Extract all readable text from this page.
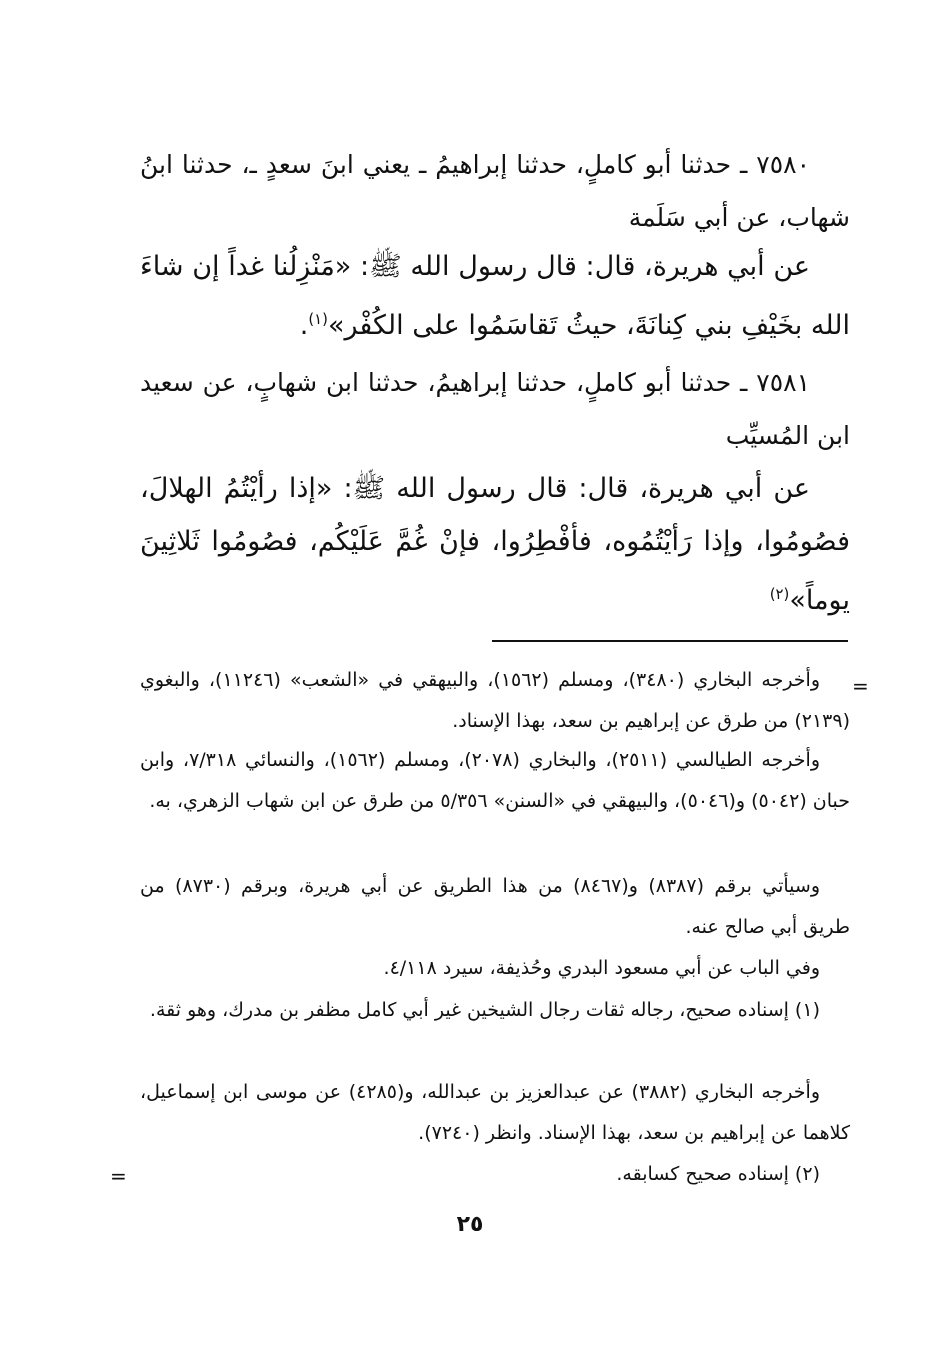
٧٥٨٠ ـ حدثنا أبو كاملٍ، حدثنا إبراهيمُ ـ يعني ابنَ سعدٍ ـ، حدثنا ابنُ شهاب، عن أبي سَلَمة

عن أبي هريرة، قال: قال رسول الله ﷺ: «مَنْزِلُنا غداً إن شاءَ الله بخَيْفِ بني كِنانَةَ، حيثُ تَقاسَمُوا على الكُفْر»$^{(١)}$.

٧٥٨١ ـ حدثنا أبو كاملٍ، حدثنا إبراهيمُ، حدثنا ابن شهابٍ، عن سعيد ابن المُسيِّب

عن أبي هريرة، قال: قال رسول الله ﷺ: «إذا رأيْتُمُ الهلالَ، فصُومُوا، وإذا رَأيْتُمُوه، فأفْطِرُوا، فإنْ غُمَّ عَلَيْكُم، فصُومُوا ثَلاثِينَ يوماً»$^{(٢)}$

=

وأخرجه البخاري (٣٤٨٠)، ومسلم (١٥٦٢)، والبيهقي في «الشعب» (١١٢٤٦)، والبغوي (٢١٣٩) من طرق عن إبراهيم بن سعد، بهذا الإسناد.

وأخرجه الطيالسي (٢٥١١)، والبخاري (٢٠٧٨)، ومسلم (١٥٦٢)، والنسائي ٧/٣١٨، وابن حبان (٥٠٤٢) و(٥٠٤٦)، والبيهقي في «السنن» ٥/٣٥٦ من طرق عن ابن شهاب الزهري، به.

وسيأتي برقم (٨٣٨٧) و(٨٤٦٧) من هذا الطريق عن أبي هريرة، وبرقم (٨٧٣٠) من طريق أبي صالح عنه.

وفي الباب عن أبي مسعود البدري وحُذيفة، سيرد ٤/١١٨.

(١) إسناده صحيح، رجاله ثقات رجال الشيخين غير أبي كامل مظفر بن مدرك، وهو ثقة.

وأخرجه البخاري (٣٨٨٢) عن عبدالعزيز بن عبدالله، و(٤٢٨٥) عن موسى ابن إسماعيل، كلاهما عن إبراهيم بن سعد، بهذا الإسناد. وانظر (٧٢٤٠).

(٢) إسناده صحيح كسابقه.

=
٢٥
